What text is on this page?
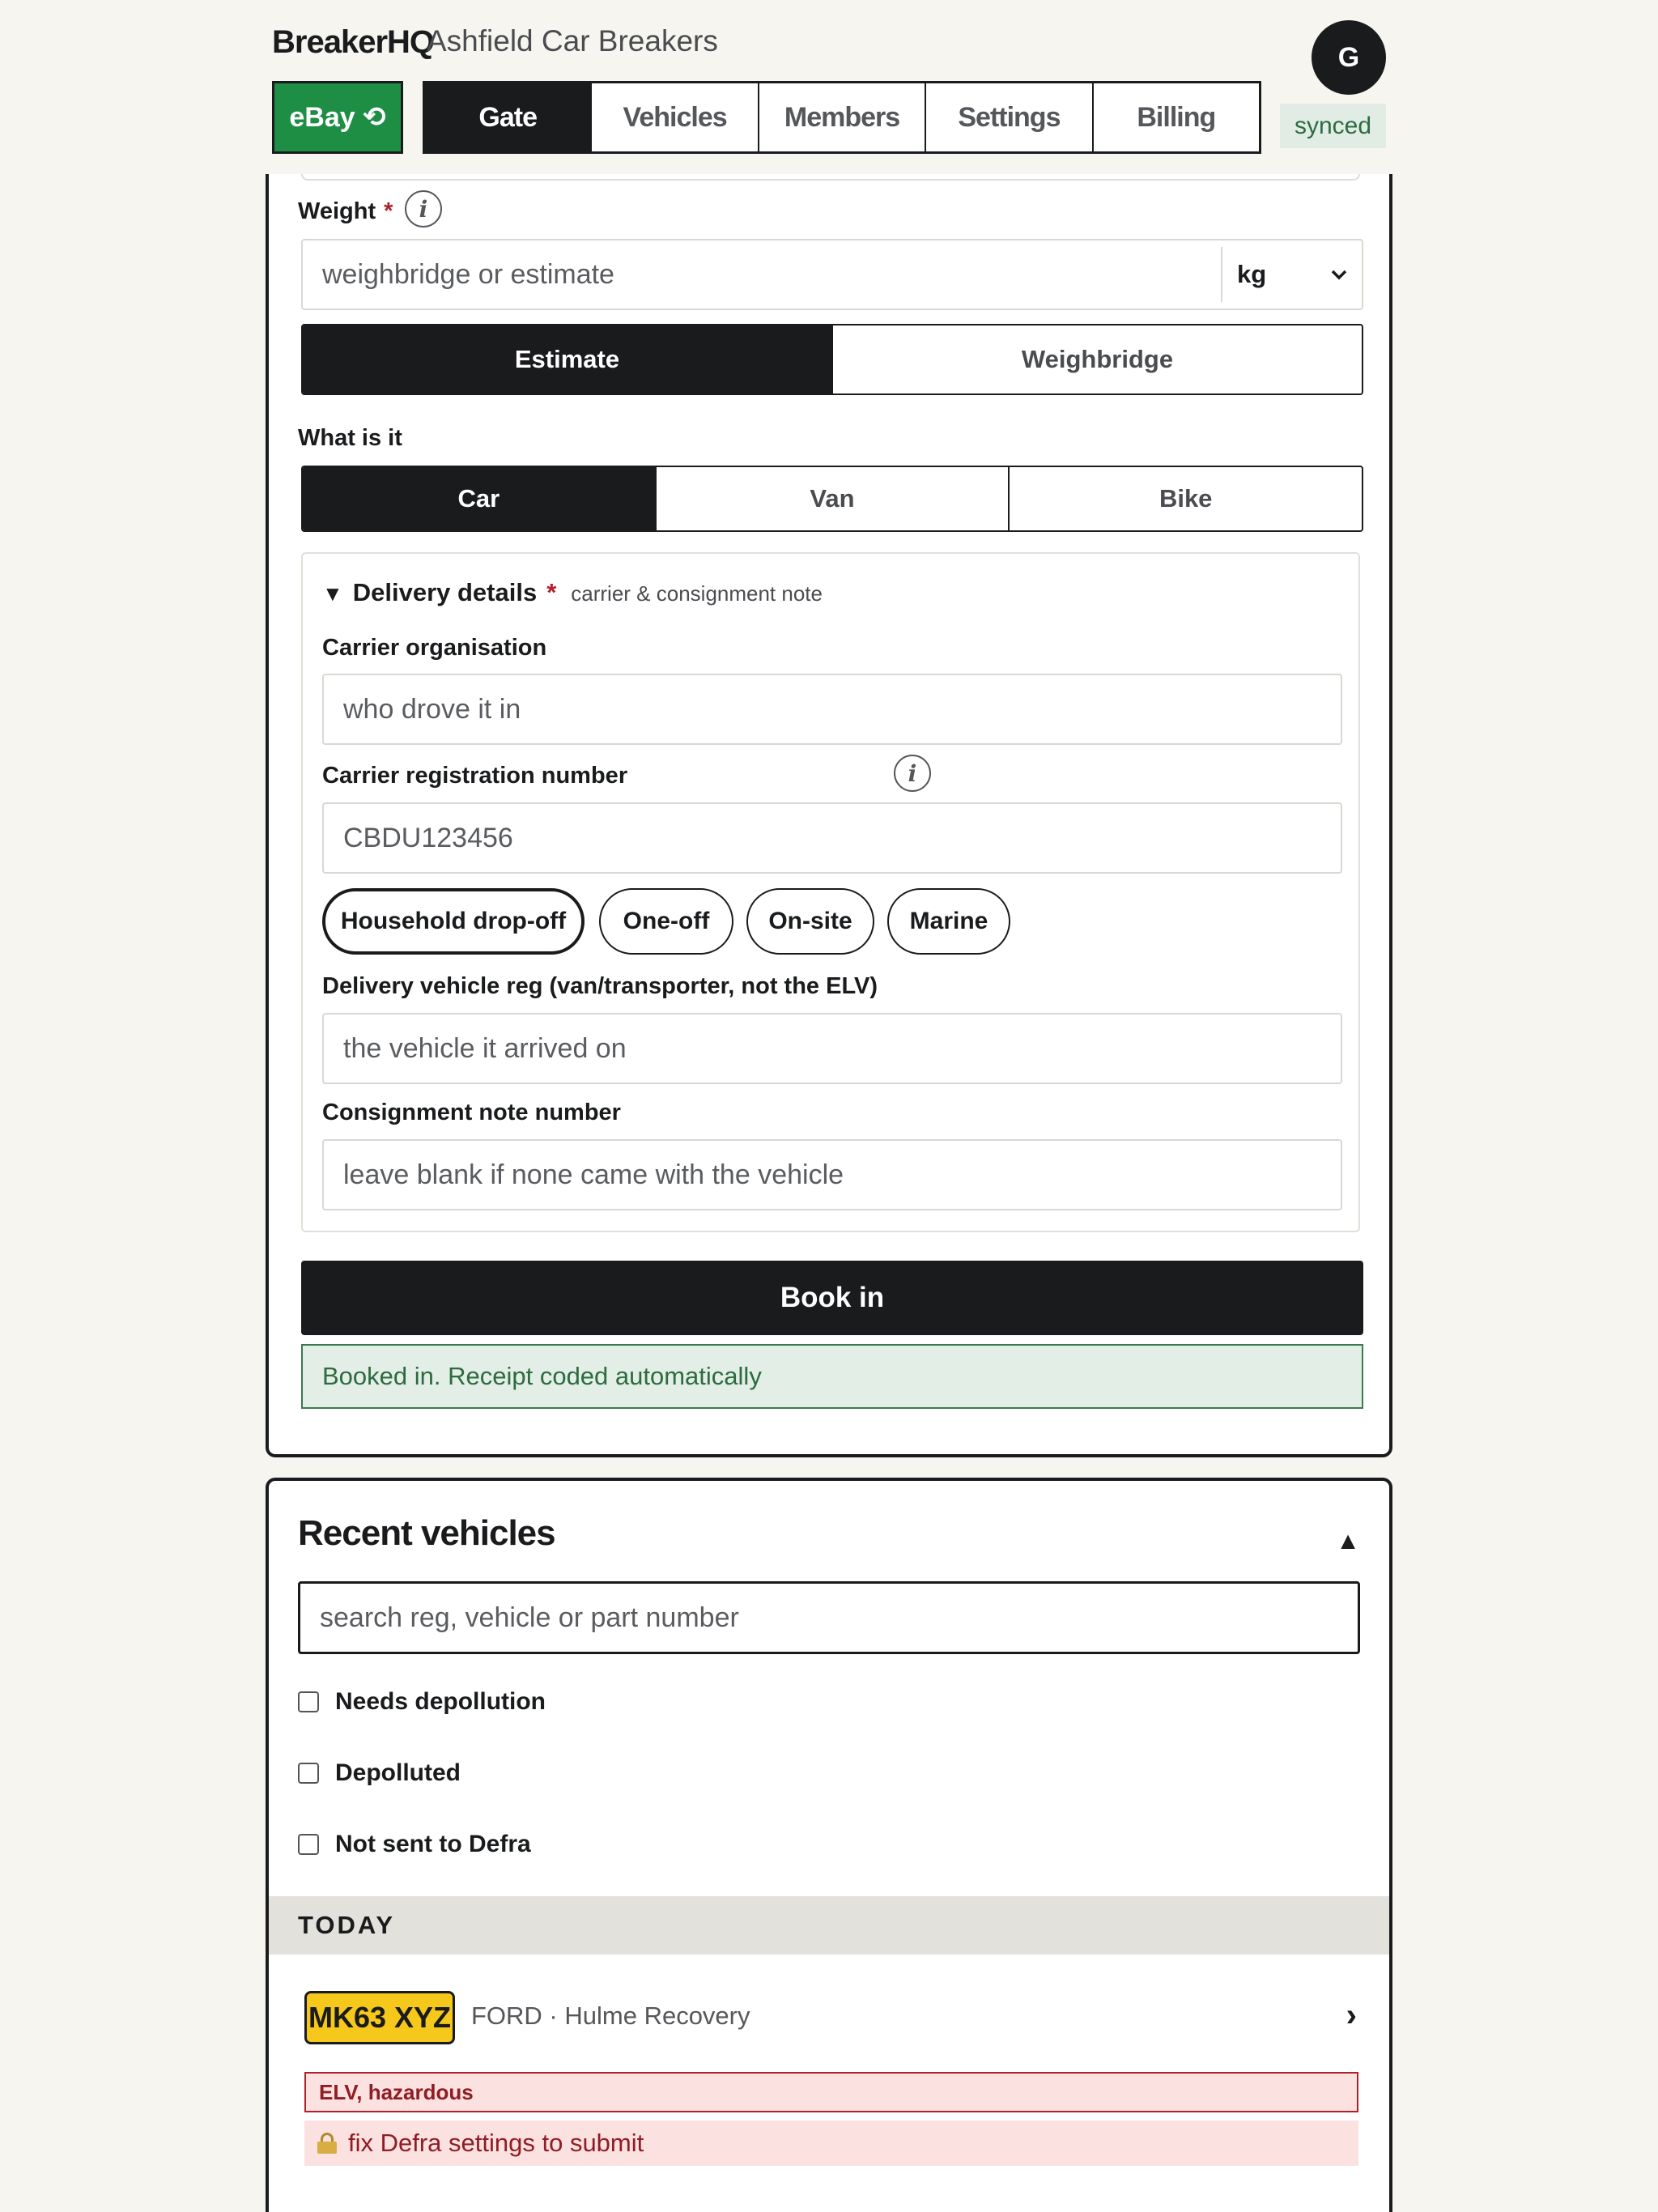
BreakerHQ
Ashfield Car Breakers	G
synced
eBay ⟲	Gate	Vehicles	Members	Settings	Billing
Weight *	i
weighbridge or estimate	kg
Estimate	Weighbridge
What is it
Car	Van	Bike
▼ Delivery details * carrier & consignment note
Carrier organisation
who drove it in
Carrier registration number	i
CBDU123456
Household drop-off	One-off	On-site	Marine
Delivery vehicle reg (van/transporter, not the ELV)
the vehicle it arrived on
Consignment note number
leave blank if none came with the vehicle
Book in
Booked in. Receipt coded automatically
Recent vehicles	▲
search reg, vehicle or part number
Needs depollution
Depolluted
Not sent to Defra
TODAY
MK63 XYZ FORD · Hulme Recovery	›
ELV, hazardous
fix Defra settings to submit
